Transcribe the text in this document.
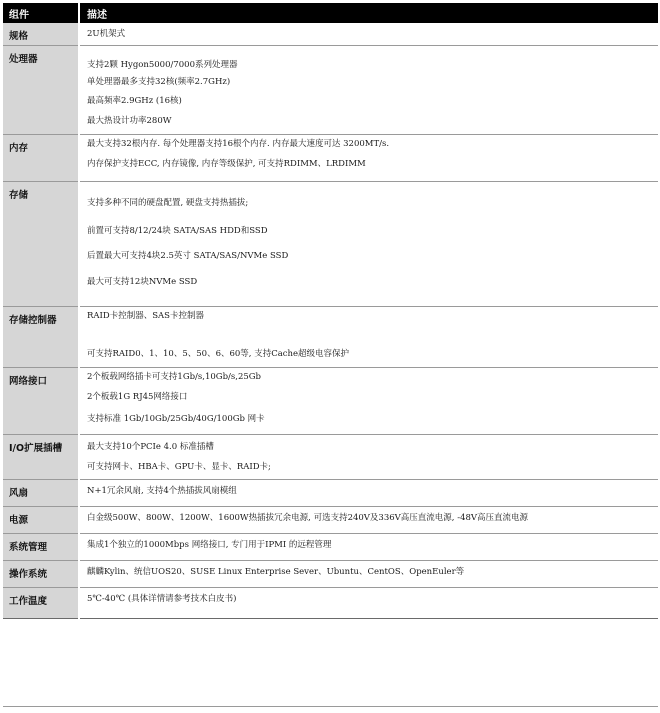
组件	描述
规格	2U机架式

处理器	支持2颗 Hygon5000/7000系列处理器
单处理器最多支持32核(频率2.7GHz)
最高频率2.9GHz (16核)
最大热设计功率280W

内存	最大支持32根内存. 每个处理器支持16根个内存. 内存最大速度可达 3200MT/s.
内存保护支持ECC, 内存镜像, 内存等级保护, 可支持RDIMM、LRDIMM

存储	支持多种不同的硬盘配置, 硬盘支持热插拔;
前置可支持8/12/24块 SATA/SAS HDD和SSD
后置最大可支持4块2.5英寸 SATA/SAS/NVMe SSD
最大可支持12块NVMe SSD

存储控制器	RAID卡控制器、SAS卡控制器
可支持RAID0、1、10、5、50、6、60等, 支持Cache超级电容保护

网络接口	2个板载网络插卡可支持1Gb/s,10Gb/s,25Gb
2个板载1G RJ45网络接口
支持标准 1Gb/10Gb/25Gb/40G/100Gb 网卡

I/O扩展插槽	最大支持10个PCIe 4.0 标准插槽
可支持网卡、HBA卡、GPU卡、显卡、RAID卡;

风扇	N+1冗余风扇, 支持4个热插拔风扇模组

电源	白金级500W、800W、1200W、1600W热插拔冗余电源, 可选支持240V及336V高压直流电源, -48V高压直流电源

系统管理	集成1个独立的1000Mbps 网络接口, 专门用于IPMI 的远程管理

操作系统	麒麟Kylin、统信UOS20、SUSE Linux Enterprise Sever、Ubuntu、CentOS、OpenEuler等

工作温度	5℃-40℃ (具体详情请参考技术白皮书)
